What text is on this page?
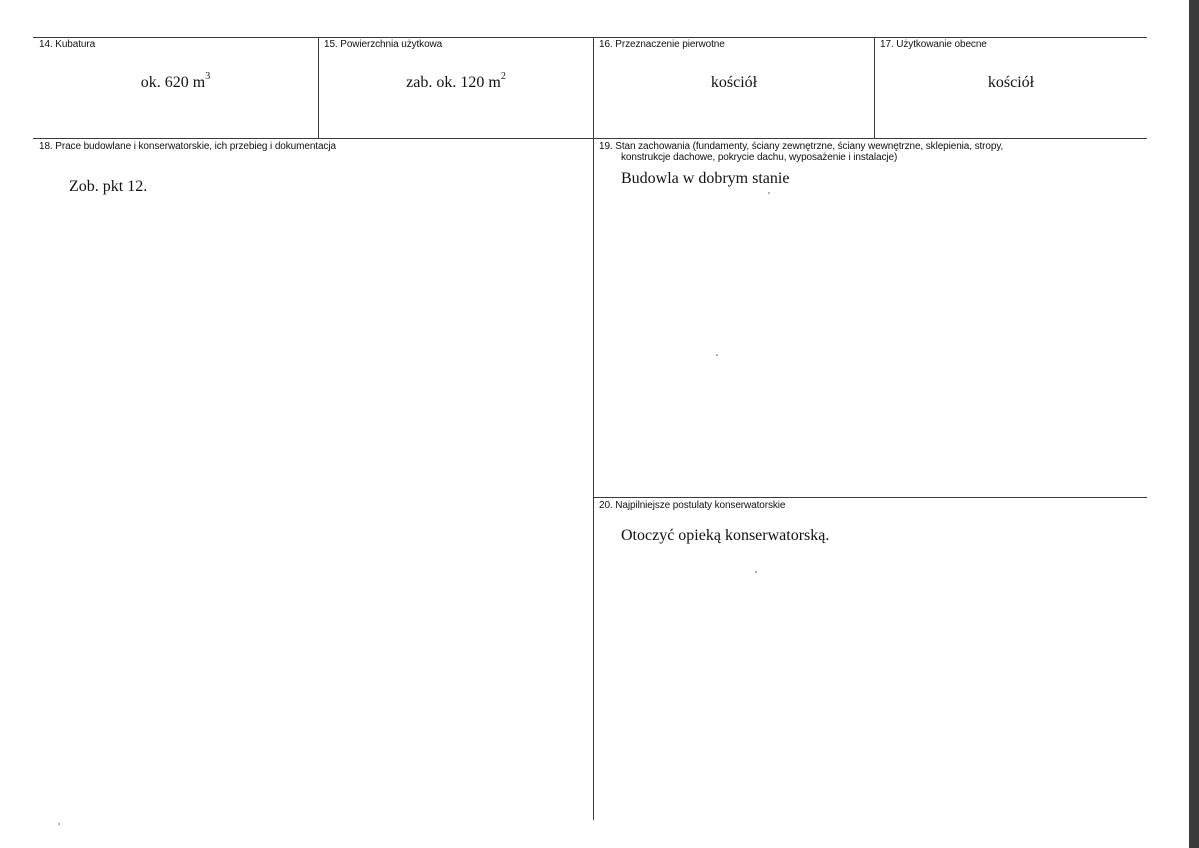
14. Kubatura
ok. 620 $m^3$
15. Powierzchnia użytkowa
zab. ok. 120 $m^2$
16. Przeznaczenie pierwotne
kościół
17. Użytkowanie obecne
kościół
18. Prace budowlane i konserwatorskie, ich przebieg i dokumentacja
Zob. pkt 12.
19. Stan zachowania (fundamenty, ściany zewnętrzne, ściany wewnętrzne, sklepienia, stropy,
konstrukcje dachowe, pokrycie dachu, wyposażenie i instalacje)
Budowla w dobrym stanie
20. Najpilniejsze postulaty konserwatorskie
Otoczyć opieką konserwatorską.
